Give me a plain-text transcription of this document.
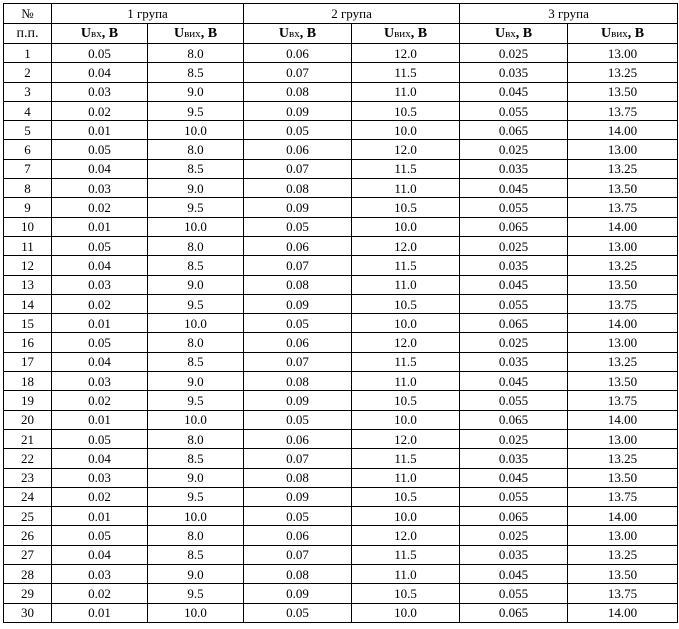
№	1 група		2 група		3 група	
п.п.	Uвх, В	Uвих, В	Uвх, В	Uвих, В	Uвх, В	Uвих, В
1	0.05	8.0	0.06	12.0	0.025	13.00
2	0.04	8.5	0.07	11.5	0.035	13.25
3	0.03	9.0	0.08	11.0	0.045	13.50
4	0.02	9.5	0.09	10.5	0.055	13.75
5	0.01	10.0	0.05	10.0	0.065	14.00
6	0.05	8.0	0.06	12.0	0.025	13.00
7	0.04	8.5	0.07	11.5	0.035	13.25
8	0.03	9.0	0.08	11.0	0.045	13.50
9	0.02	9.5	0.09	10.5	0.055	13.75
10	0.01	10.0	0.05	10.0	0.065	14.00
11	0.05	8.0	0.06	12.0	0.025	13.00
12	0.04	8.5	0.07	11.5	0.035	13.25
13	0.03	9.0	0.08	11.0	0.045	13.50
14	0.02	9.5	0.09	10.5	0.055	13.75
15	0.01	10.0	0.05	10.0	0.065	14.00
16	0.05	8.0	0.06	12.0	0.025	13.00
17	0.04	8.5	0.07	11.5	0.035	13.25
18	0.03	9.0	0.08	11.0	0.045	13.50
19	0.02	9.5	0.09	10.5	0.055	13.75
20	0.01	10.0	0.05	10.0	0.065	14.00
21	0.05	8.0	0.06	12.0	0.025	13.00
22	0.04	8.5	0.07	11.5	0.035	13.25
23	0.03	9.0	0.08	11.0	0.045	13.50
24	0.02	9.5	0.09	10.5	0.055	13.75
25	0.01	10.0	0.05	10.0	0.065	14.00
26	0.05	8.0	0.06	12.0	0.025	13.00
27	0.04	8.5	0.07	11.5	0.035	13.25
28	0.03	9.0	0.08	11.0	0.045	13.50
29	0.02	9.5	0.09	10.5	0.055	13.75
30	0.01	10.0	0.05	10.0	0.065	14.00
